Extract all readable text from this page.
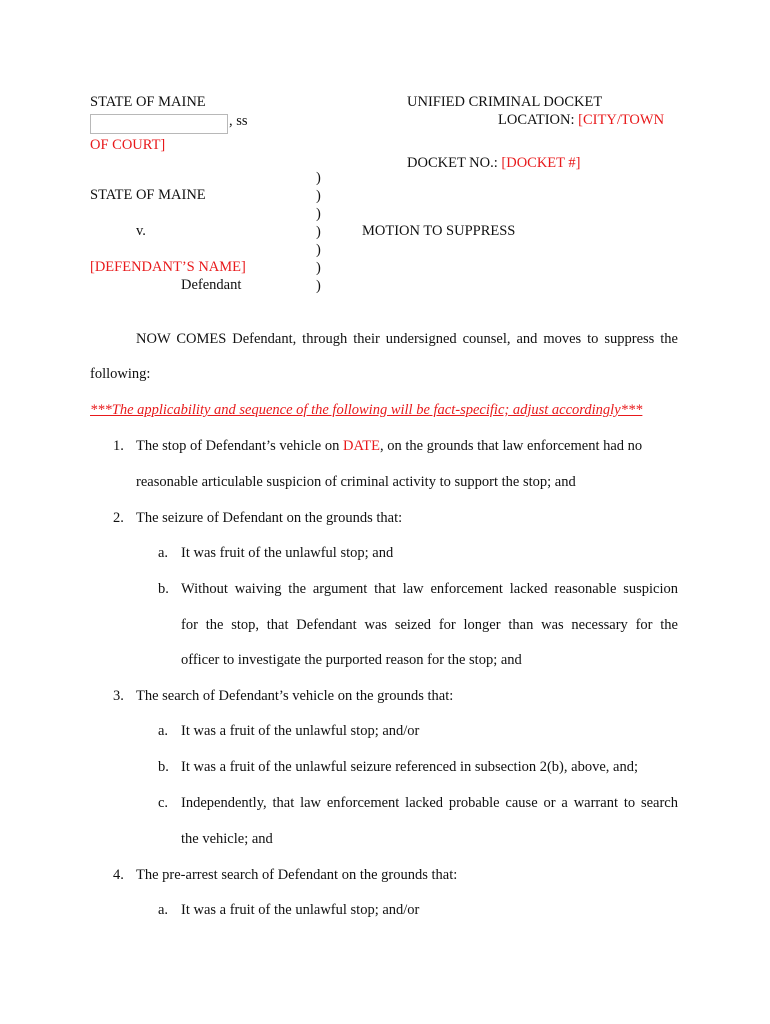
STATE OF MAINE
, ss
UNIFIED CRIMINAL DOCKET
LOCATION: [CITY/TOWN
OF COURT]
DOCKET NO.: [DOCKET #]
STATE OF MAINE
v.
[DEFENDANT’S NAME]
Defendant
)
)
)
)
)
)
)
MOTION TO SUPPRESS
NOW COMES Defendant, through their undersigned counsel, and moves to suppress the
following:
***The applicability and sequence of the following will be fact-specific; adjust accordingly***
1. The stop of Defendant’s vehicle on DATE, on the grounds that law enforcement had no
reasonable articulable suspicion of criminal activity to support the stop; and
2. The seizure of Defendant on the grounds that:
a. It was fruit of the unlawful stop; and
b. Without waiving the argument that law enforcement lacked reasonable suspicion
for the stop, that Defendant was seized for longer than was necessary for the
officer to investigate the purported reason for the stop; and
3. The search of Defendant’s vehicle on the grounds that:
a. It was a fruit of the unlawful stop; and/or
b. It was a fruit of the unlawful seizure referenced in subsection 2(b), above, and;
c. Independently, that law enforcement lacked probable cause or a warrant to search
the vehicle; and
4. The pre-arrest search of Defendant on the grounds that:
a. It was a fruit of the unlawful stop; and/or
